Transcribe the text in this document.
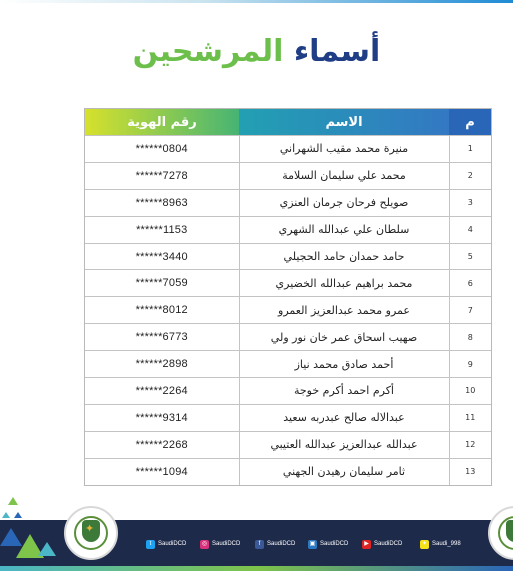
أسماء المرشحين
م	الاسم	رقم الهوية
1	منيرة محمد مقيب الشهراني	******0804
2	محمد علي سليمان السلامة	******7278
3	صويلح فرحان جرمان العنزي	******8963
4	سلطان علي عبدالله الشهري	******1153
5	حامد حمدان حامد الحجيلي	******3440
6	محمد براهيم عبدالله الخضيري	******7059
7	عمرو محمد عبدالعزيز العمرو	******8012
8	صهيب اسحاق عمر خان نور ولي	******6773
9	أحمد صادق محمد نياز	******2898
10	أكرم احمد أكرم خوجة	******2264
11	عبدالاله صالح عبدربه سعيد	******9314
12	عبدالله عبدالعزيز عبدالله العتيبي	******2268
13	ثامر سليمان رهيدن الجهني	******1094
✦
t	SaudiDCD	◎ SaudiDCD	f	SaudiDCD ▣ SaudiDCD	▶ SaudiDCD	✦ Saudi_998
